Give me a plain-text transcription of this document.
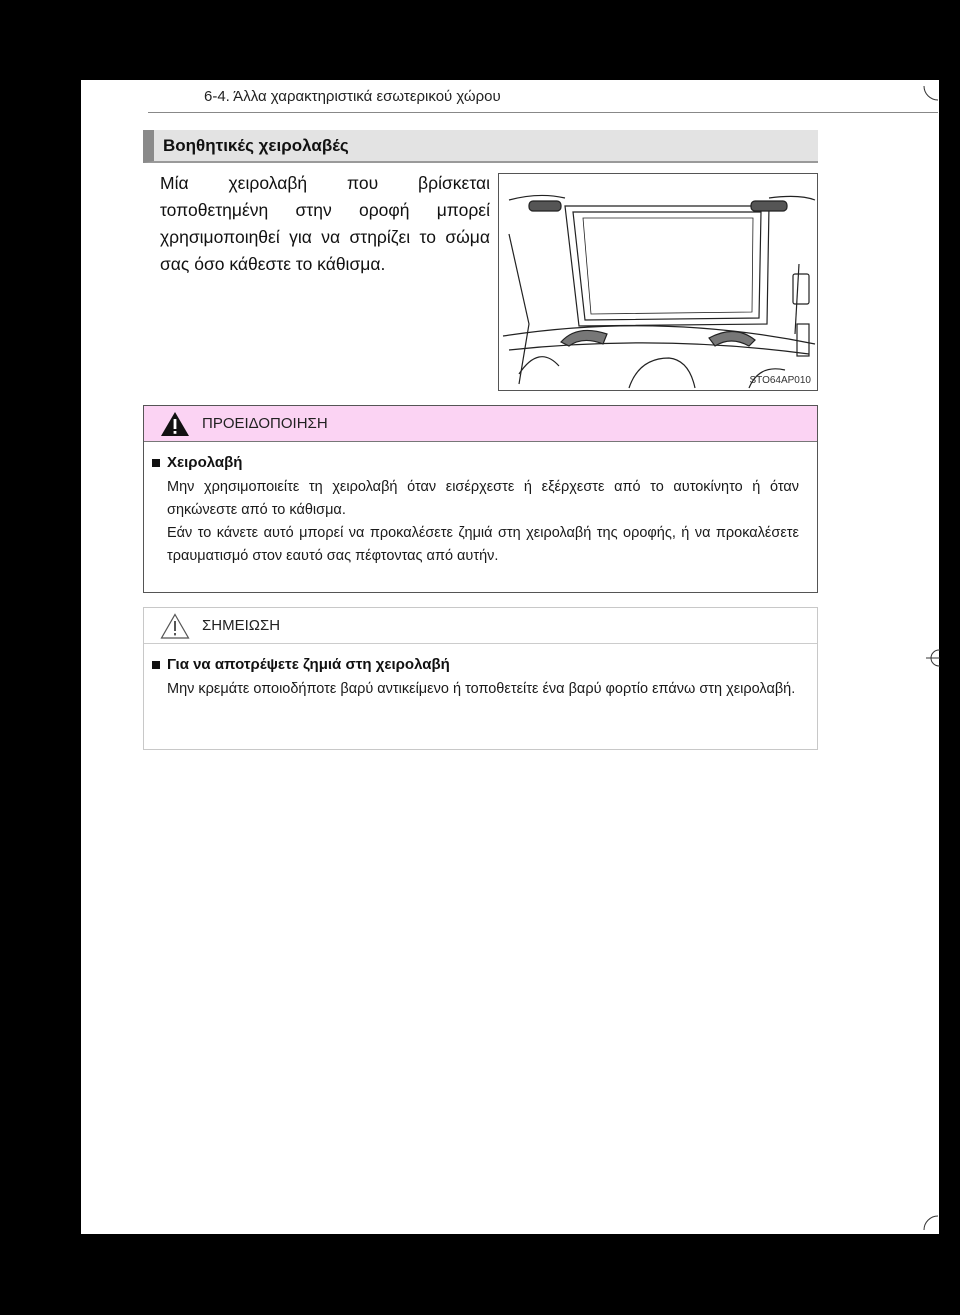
6-4. Άλλα χαρακτηριστικά εσωτερικού χώρου
Βοηθητικές χειρολαβές
Μία χειρολαβή που βρίσκεται τοποθετημένη στην οροφή μπορεί χρησιμοποιηθεί για να στηρίζει το σώμα σας όσο κάθεστε το κάθισμα.
STO64AP010
ΠΡΟΕΙΔΟΠΟΙΗΣΗ
Χειρολαβή
Μην χρησιμοποιείτε τη χειρολαβή όταν εισέρχεστε ή εξέρχεστε από το αυτοκίνητο ή όταν σηκώνεστε από το κάθισμα.
Εάν το κάνετε αυτό μπορεί να προκαλέσετε ζημιά στη χειρολαβή της οροφής, ή να προκαλέσετε τραυματισμό στον εαυτό σας πέφτοντας από αυτήν.
ΣΗΜΕΙΩΣΗ
Για να αποτρέψετε ζημιά στη χειρολαβή
Μην κρεμάτε οποιοδήποτε βαρύ αντικείμενο ή τοποθετείτε ένα βαρύ φορτίο επάνω στη χειρολαβή.
